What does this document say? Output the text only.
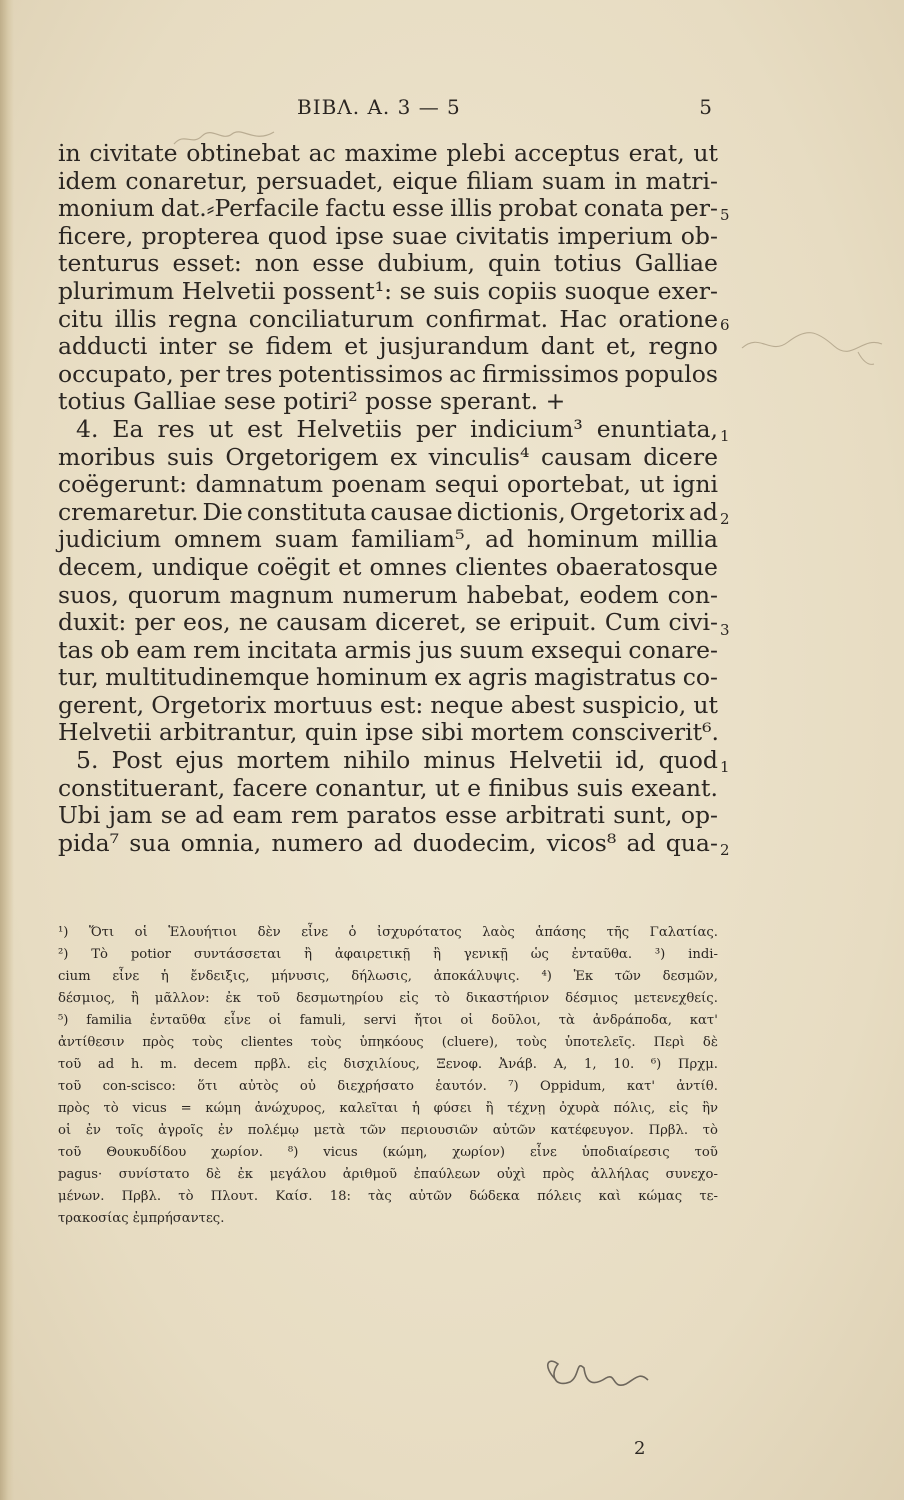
BIBΛ. A. 3 — 5	5
in civitate obtinebat ac maxime plebi acceptus erat, ut
idem conaretur, persuadet, eique filiam suam in matri-
monium dat.⸗Perfacile factu esse illis probat conata per-
ficere, propterea quod ipse suae civitatis imperium ob-
tenturus esset: non esse dubium, quin totius Galliae
plurimum Helvetii possent¹: se suis copiis suoque exer-
citu illis regna conciliaturum confirmat. Hac oratione
adducti inter se fidem et jusjurandum dant et, regno
occupato, per tres potentissimos ac firmissimos populos
totius Galliae sese potiri² posse sperant. +
4. Ea res ut est Helvetiis per indicium³ enuntiata,
moribus suis Orgetorigem ex vinculis⁴ causam dicere
coëgerunt: damnatum poenam sequi oportebat, ut igni
cremaretur. Die constituta causae dictionis, Orgetorix ad
judicium omnem suam familiam⁵, ad hominum millia
decem, undique coëgit et omnes clientes obaeratosque
suos, quorum magnum numerum habebat, eodem con-
duxit: per eos, ne causam diceret, se eripuit. Cum civi-
tas ob eam rem incitata armis jus suum exsequi conare-
tur, multitudinemque hominum ex agris magistratus co-
gerent, Orgetorix mortuus est: neque abest suspicio, ut
Helvetii arbitrantur, quin ipse sibi mortem consciverit⁶.
5. Post ejus mortem nihilo minus Helvetii id, quod
constituerant, facere conantur, ut e finibus suis exeant.
Ubi jam se ad eam rem paratos esse arbitrati sunt, op-
pida⁷ sua omnia, numero ad duodecim, vicos⁸ ad qua-
5
6
1
2
3
1
2
¹) Ὅτι οἱ Ἑλουήτιοι δὲν εἶνε ὁ ἰσχυρότατος λαὸς ἁπάσης τῆς Γαλατίας.
²) Τὸ potior συντάσσεται ἢ ἀφαιρετικῇ ἢ γενικῇ ὡς ἐνταῦθα. ³) indi-
cium εἶνε ἡ ἔνδειξις, μήνυσις, δήλωσις, ἀποκάλυψις. ⁴) Ἐκ τῶν δεσμῶν,
δέσμιος, ἢ μᾶλλον: ἐκ τοῦ δεσμωτηρίου εἰς τὸ δικαστήριον δέσμιος μετενεχθείς.
⁵) familia ἐνταῦθα εἶνε οἱ famuli, servi ἤτοι οἱ δοῦλοι, τὰ ἀνδράποδα, κατ'
ἀντίθεσιν πρὸς τοὺς clientes τοὺς ὑπηκόους (cluere), τοὺς ὑποτελεῖς. Περὶ δὲ
τοῦ ad h. m. decem πρβλ. εἰς δισχιλίους, Ξενοφ. Ἀνάβ. Α, 1, 10. ⁶) Πρχμ.
τοῦ con-scisco: ὅτι αὐτὸς οὐ διεχρήσατο ἑαυτόν. ⁷) Oppidum, κατ' ἀντίθ.
πρὸς τὸ vicus = κώμη ἀνώχυρος, καλεῖται ἡ φύσει ἢ τέχνῃ ὀχυρὰ πόλις, εἰς ἣν
οἱ ἐν τοῖς ἀγροῖς ἐν πολέμῳ μετὰ τῶν περιουσιῶν αὐτῶν κατέφευγον. Πρβλ. τὸ
τοῦ Θουκυδίδου χωρίον. ⁸) vicus (κώμη, χωρίον) εἶνε ὑποδιαίρεσις τοῦ
pagus· συνίστατο δὲ ἐκ μεγάλου ἀριθμοῦ ἐπαύλεων οὐχὶ πρὸς ἀλλήλας συνεχο-
μένων. Πρβλ. τὸ Πλουτ. Καίσ. 18: τὰς αὐτῶν δώδεκα πόλεις καὶ κώμας τε-
τρακοσίας ἐμπρήσαντες.
2
